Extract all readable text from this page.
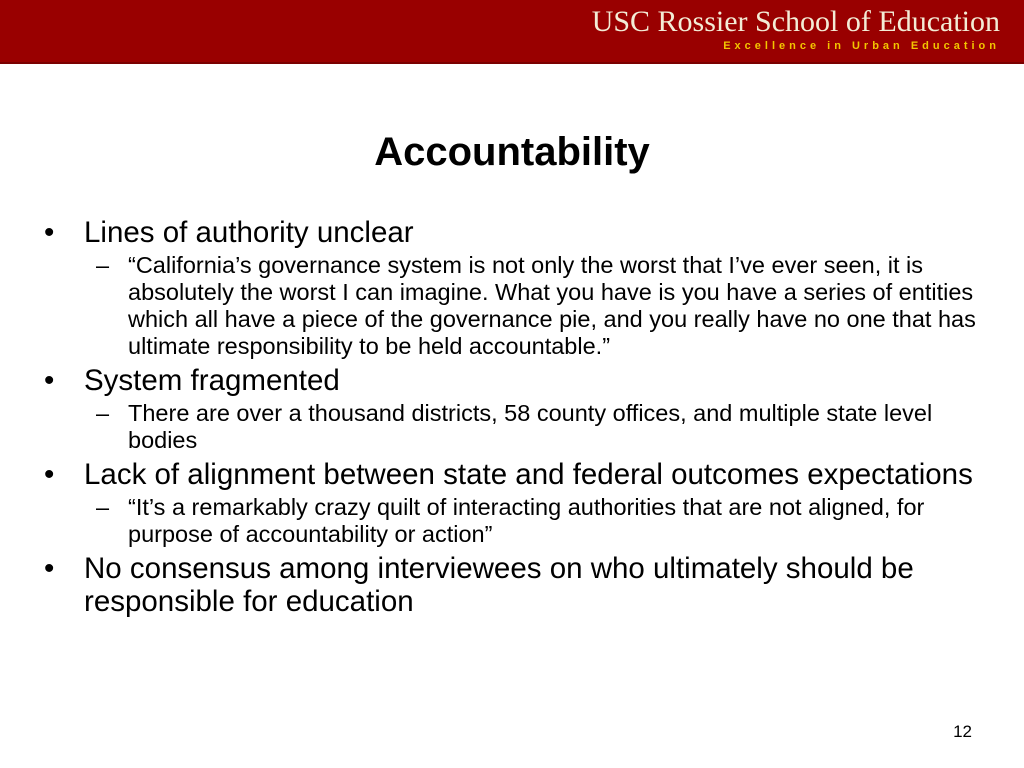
USC Rossier School of Education
Excellence in Urban Education
Accountability
• Lines of authority unclear
– “California’s governance system is not only the worst that I’ve ever seen, it is absolutely the worst I can imagine. What you have is you have a series of entities which all have a piece of the governance pie, and you really have no one that has ultimate responsibility to be held accountable.”
• System fragmented
– There are over a thousand districts, 58 county offices, and multiple state level bodies
• Lack of alignment between state and federal outcomes expectations
– “It’s a remarkably crazy quilt of interacting authorities that are not aligned, for purpose of accountability or action”
• No consensus among interviewees on who ultimately should be responsible for education
12
